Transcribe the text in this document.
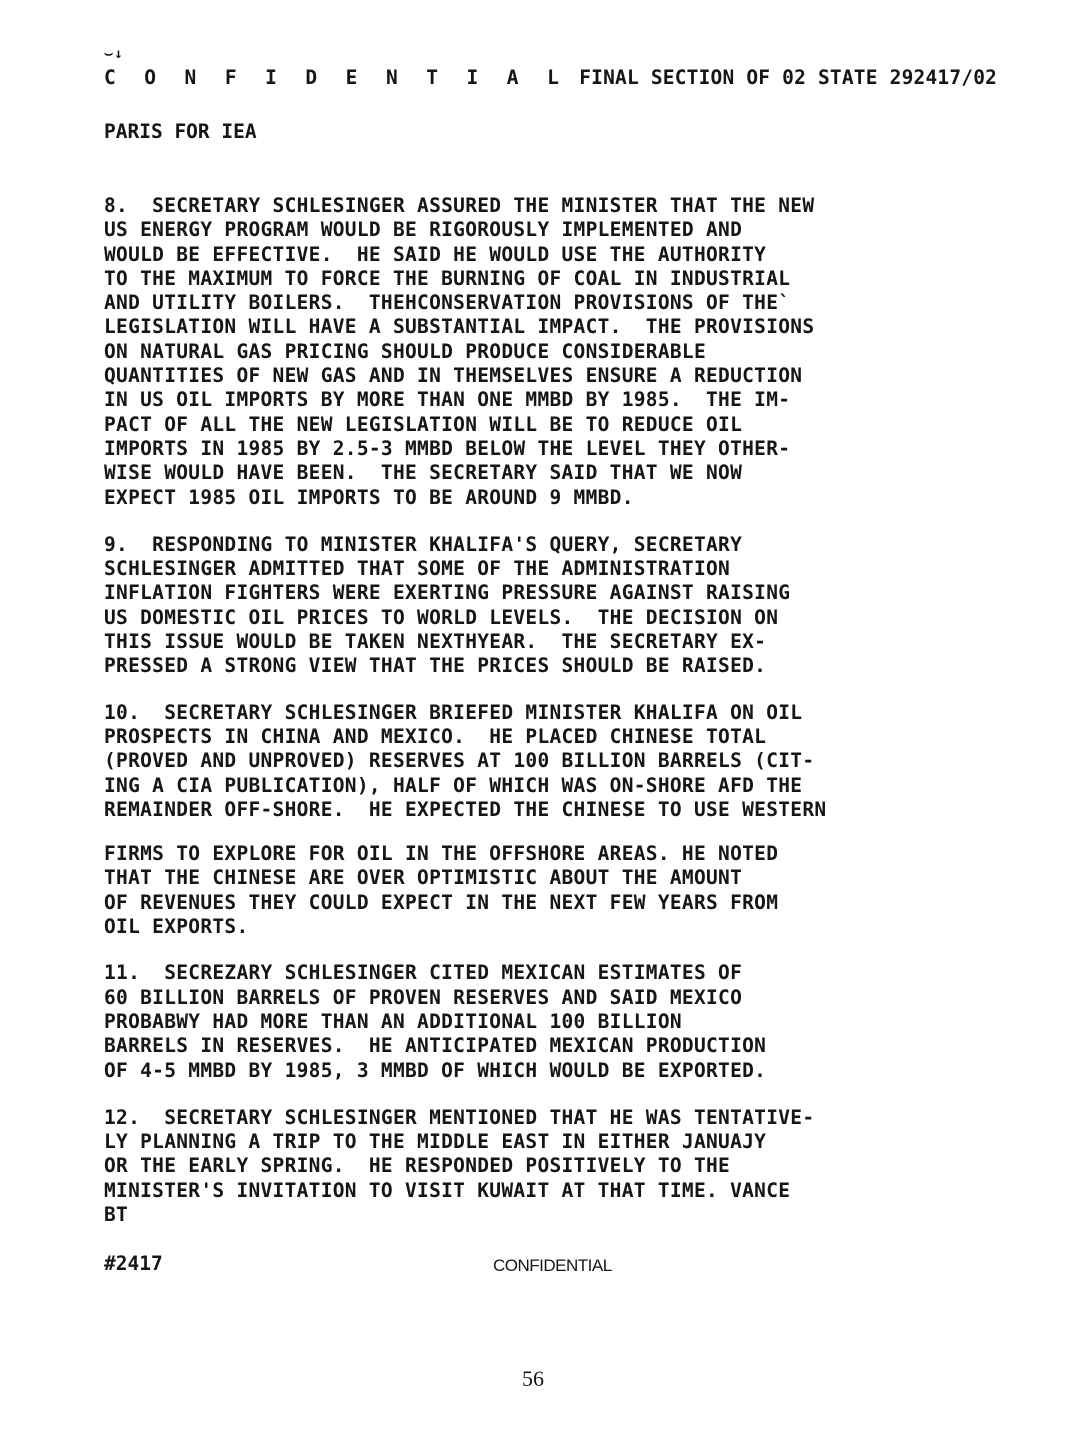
⌣↓
C O N F I D E N T I A L FINAL SECTION OF 02 STATE 292417/02
PARIS FOR IEA
8.  SECRETARY SCHLESINGER ASSURED THE MINISTER THAT THE NEW
US ENERGY PROGRAM WOULD BE RIGOROUSLY IMPLEMENTED AND
WOULD BE EFFECTIVE.  HE SAID HE WOULD USE THE AUTHORITY
TO THE MAXIMUM TO FORCE THE BURNING OF COAL IN INDUSTRIAL
AND UTILITY BOILERS.  THEHCONSERVATION PROVISIONS OF THE`
LEGISLATION WILL HAVE A SUBSTANTIAL IMPACT.  THE PROVISIONS
ON NATURAL GAS PRICING SHOULD PRODUCE CONSIDERABLE
QUANTITIES OF NEW GAS AND IN THEMSELVES ENSURE A REDUCTION
IN US OIL IMPORTS BY MORE THAN ONE MMBD BY 1985.  THE IM-
PACT OF ALL THE NEW LEGISLATION WILL BE TO REDUCE OIL
IMPORTS IN 1985 BY 2.5-3 MMBD BELOW THE LEVEL THEY OTHER-
WISE WOULD HAVE BEEN.  THE SECRETARY SAID THAT WE NOW
EXPECT 1985 OIL IMPORTS TO BE AROUND 9 MMBD.
9.  RESPONDING TO MINISTER KHALIFA'S QUERY, SECRETARY
SCHLESINGER ADMITTED THAT SOME OF THE ADMINISTRATION
INFLATION FIGHTERS WERE EXERTING PRESSURE AGAINST RAISING
US DOMESTIC OIL PRICES TO WORLD LEVELS.  THE DECISION ON
THIS ISSUE WOULD BE TAKEN NEXTHYEAR.  THE SECRETARY EX-
PRESSED A STRONG VIEW THAT THE PRICES SHOULD BE RAISED.
10.  SECRETARY SCHLESINGER BRIEFED MINISTER KHALIFA ON OIL
PROSPECTS IN CHINA AND MEXICO.  HE PLACED CHINESE TOTAL
(PROVED AND UNPROVED) RESERVES AT 100 BILLION BARRELS (CIT-
ING A CIA PUBLICATION), HALF OF WHICH WAS ON-SHORE AFD THE
REMAINDER OFF-SHORE.  HE EXPECTED THE CHINESE TO USE WESTERN
FIRMS TO EXPLORE FOR OIL IN THE OFFSHORE AREAS. HE NOTED
THAT THE CHINESE ARE OVER OPTIMISTIC ABOUT THE AMOUNT
OF REVENUES THEY COULD EXPECT IN THE NEXT FEW YEARS FROM
OIL EXPORTS.
11.  SECREZARY SCHLESINGER CITED MEXICAN ESTIMATES OF
60 BILLION BARRELS OF PROVEN RESERVES AND SAID MEXICO
PROBABWY HAD MORE THAN AN ADDITIONAL 100 BILLION
BARRELS IN RESERVES.  HE ANTICIPATED MEXICAN PRODUCTION
OF 4-5 MMBD BY 1985, 3 MMBD OF WHICH WOULD BE EXPORTED.
12.  SECRETARY SCHLESINGER MENTIONED THAT HE WAS TENTATIVE-
LY PLANNING A TRIP TO THE MIDDLE EAST IN EITHER JANUAJY
OR THE EARLY SPRING.  HE RESPONDED POSITIVELY TO THE
MINISTER'S INVITATION TO VISIT KUWAIT AT THAT TIME. VANCE
BT
#2417	CONFIDENTIAL
56
